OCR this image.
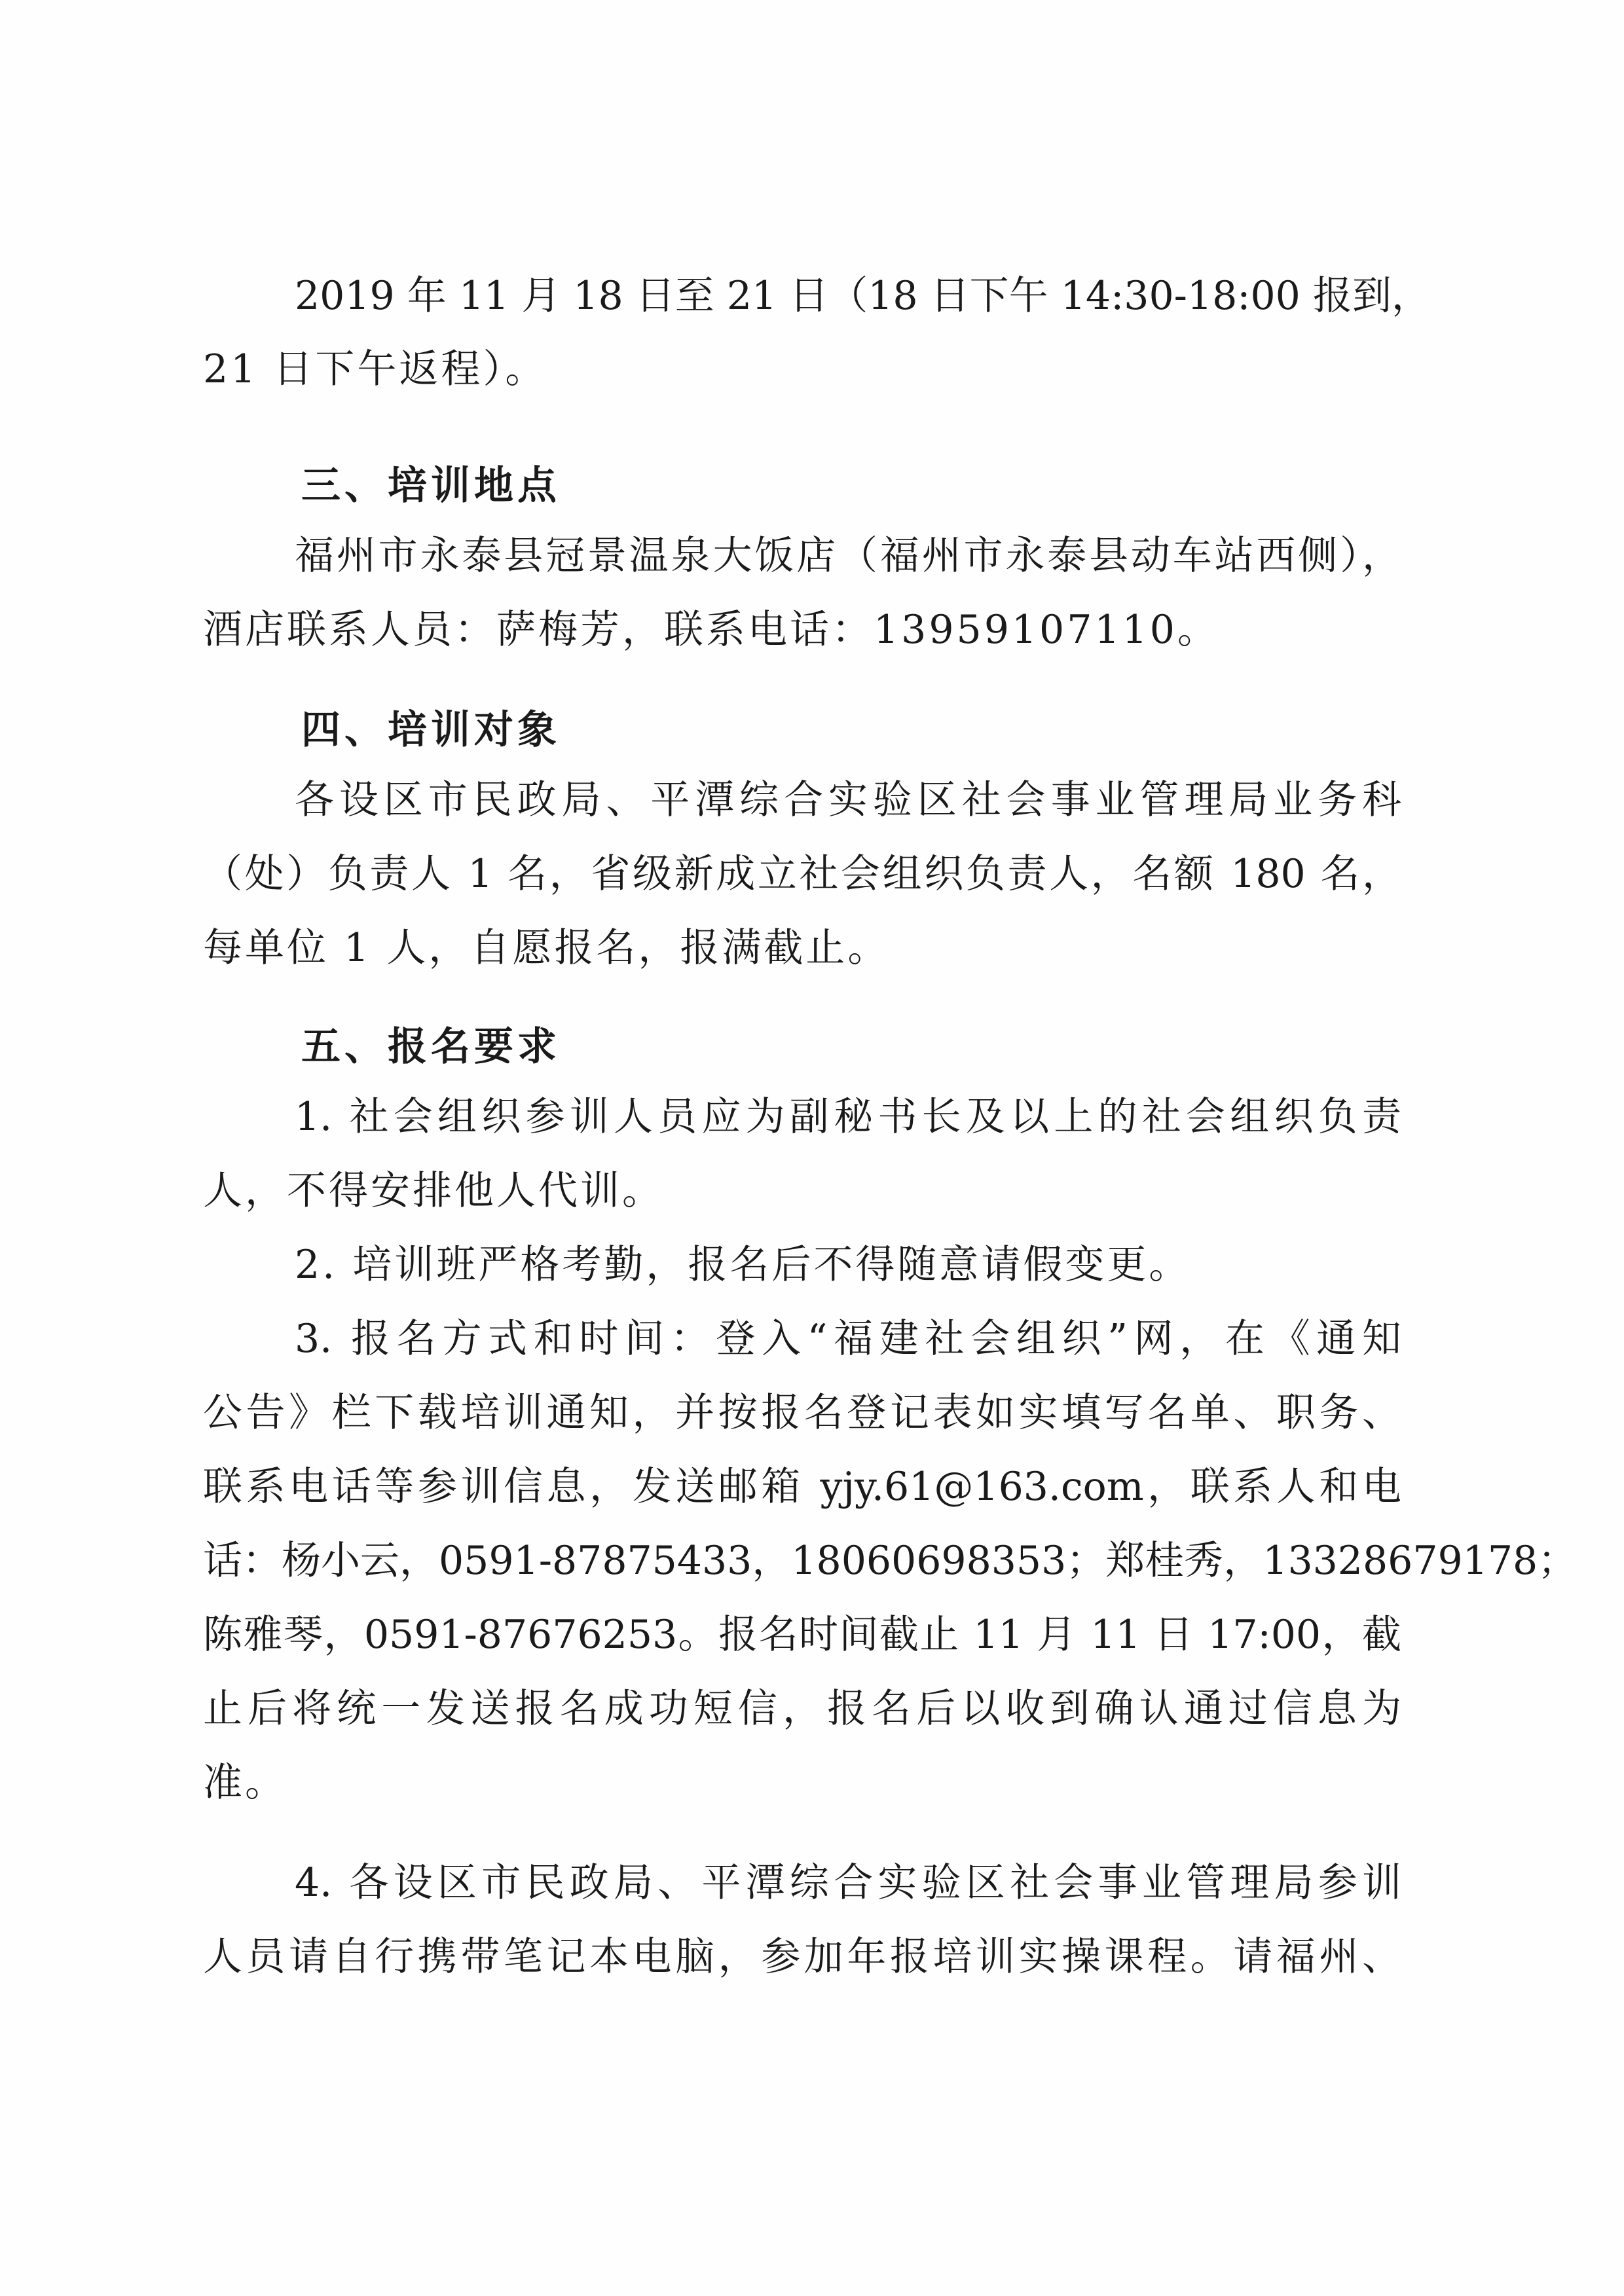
2019 年 11 月 18 日至 21 日（18 日下午 14:30-18:00 报到，
21 日下午返程）。
三、培训地点
福州市永泰县冠景温泉大饭店（福州市永泰县动车站西侧），
酒店联系人员：萨梅芳，联系电话：13959107110。
四、培训对象
各设区市民政局、平潭综合实验区社会事业管理局业务科
（处）负责人 1 名，省级新成立社会组织负责人，名额 180 名，
每单位 1 人，自愿报名，报满截止。
五、报名要求
1. 社会组织参训人员应为副秘书长及以上的社会组织负责
人，不得安排他人代训。
2. 培训班严格考勤，报名后不得随意请假变更。
3. 报名方式和时间：登入“福建社会组织”网，在《通知
公告》栏下载培训通知，并按报名登记表如实填写名单、职务、
联系电话等参训信息，发送邮箱 yjy.61@163.com，联系人和电
话：杨小云，0591-87875433，18060698353；郑桂秀，13328679178；
陈雅琴，0591-87676253。报名时间截止 11 月 11 日 17:00，截
止后将统一发送报名成功短信，报名后以收到确认通过信息为
准。
4. 各设区市民政局、平潭综合实验区社会事业管理局参训
人员请自行携带笔记本电脑，参加年报培训实操课程。请福州、
